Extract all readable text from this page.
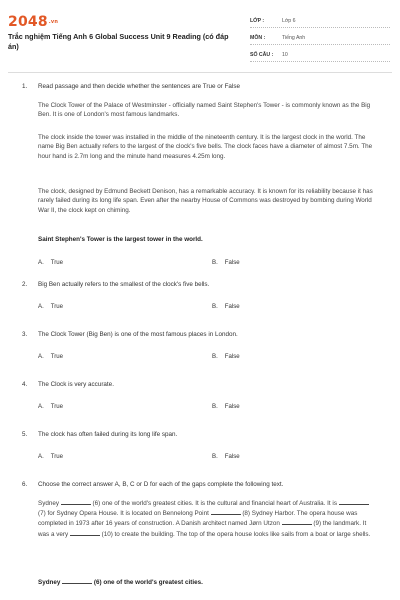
2048.vn
Trắc nghiệm Tiếng Anh 6 Global Success Unit 9 Reading (có đáp án)
LỚP :	Lớp 6
MÔN :	Tiếng Anh
SỐ CÂU :	10
1. Read passage and then decide whether the sentences are True or False
The Clock Tower of the Palace of Westminster - officially named Saint Stephen's Tower - is commonly known as the Big Ben. It is one of London's most famous landmarks.
The clock inside the tower was installed in the middle of the nineteenth century. It is the largest clock in the world. The name Big Ben actually refers to the largest of the clock's five bells. The clock faces have a diameter of almost 7.5m. The hour hand is 2.7m long and the minute hand measures 4.25m long.
The clock, designed by Edmund Beckett Denison, has a remarkable accuracy. It is known for its reliability because it has rarely failed during its long life span. Even after the nearby House of Commons was destroyed by bombing during World War II, the clock kept on chiming.
Saint Stephen's Tower is the largest tower in the world.
A. True	B. False
2. Big Ben actually refers to the smallest of the clock's five bells.
A. True	B. False
3. The Clock Tower (Big Ben) is one of the most famous places in London.
A. True	B. False
4. The Clock is very accurate.
A. True	B. False
5. The clock has often failed during its long life span.
A. True	B. False
6. Choose the correct answer A, B, C or D for each of the gaps complete the following text.
Sydney	(6) one of the world's greatest cities. It is the cultural and financial heart of Australia. It is  (7) for Sydney Opera House. It is located on Bennelong Point	(8) Sydney Harbor. The opera house was completed in 1973 after 16 years of construction. A Danish architect named Jørn Utzon	(9) the landmark. It was a very	(10) to create the building. The top of the opera house looks like sails from a boat or large shells.
Sydney	(6) one of the world's greatest cities.
